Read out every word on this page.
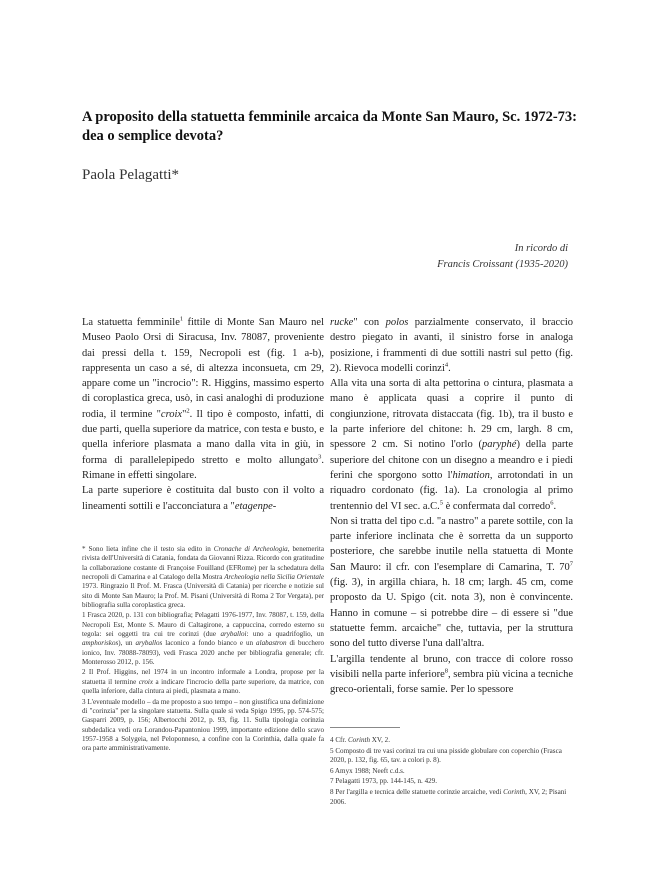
A proposito della statuetta femminile arcaica da Monte San Mauro, Sc. 1972-73: dea o semplice devota?
Paola Pelagatti*
In ricordo di
Francis Croissant (1935-2020)

La statuetta femminile$^1$ fittile di Monte San Mauro nel Museo Paolo Orsi di Siracusa, Inv. 78087, proveniente dai pressi della t. 159, Necropoli est (fig. 1 a-b), rappresenta un caso a sé, di altezza inconsueta, cm 29, appare come un "incrocio": R. Higgins, massimo esperto di coroplastica greca, usò, in casi analoghi di produzione rodia, il termine "croix"$^2$. Il tipo è composto, infatti, di due parti, quella superiore da matrice, con testa e busto, e quella inferiore plasmata a mano dalla vita in giù, in forma di parallelepipedo stretto e molto allungato$^3$. Rimane in effetti singolare.

La parte superiore è costituita dal busto con il volto a lineamenti sottili e l'acconciatura a "etagenpe-

rucke" con polos parzialmente conservato, il braccio destro piegato in avanti, il sinistro forse in analoga posizione, i frammenti di due sottili nastri sul petto (fig. 2). Rievoca modelli corinzi$^4$.

Alla vita una sorta di alta pettorina o cintura, plasmata a mano è applicata quasi a coprire il punto di congiunzione, ritrovata distaccata (fig. 1b), tra il busto e la parte inferiore del chitone: h. 29 cm, largh. 8 cm, spessore 2 cm. Si notino l'orlo (paryphé) della parte superiore del chitone con un disegno a meandro e i piedi ferini che sporgono sotto l'himation, arrotondati in un riquadro cordonato (fig. 1a). La cronologia al primo trentennio del VI sec. a.C.$^5$ è confermata dal corredo$^6$.

Non si tratta del tipo c.d. "a nastro" a parete sottile, con la parte inferiore inclinata che è sorretta da un supporto posteriore, che sarebbe inutile nella statuetta di Monte San Mauro: il cfr. con l'esemplare di Camarina, T. $70^7$ (fig. 3), in argilla chiara, h. 18 cm; largh. 45 cm, come proposto da U. Spigo (cit. nota 3), non è convincente. Hanno in comune – si potrebbe dire – di essere si "due statuette femm. arcaiche" che, tuttavia, per la struttura sono del tutto diverse l'una dall'altra.

L'argilla tendente al bruno, con tracce di colore rosso visibili nella parte inferiore$^8$, sembra più vicina a tecniche greco-orientali, forse samie. Per lo spessore

* Sono lieta infine che il testo sia edito in Cronache di Archeologia, benemerita rivista dell'Università di Catania, fondata da Giovanni Rizza. Ricordo con gratitudine la collaborazione costante di Françoise Fouilland (EFRome) per la schedatura della necropoli di Camarina e al Catalogo della Mostra Archeologia nella Sicilia Orientale 1973. Ringrazio Il Prof. M. Frasca (Università di Catania) per ricerche e notizie sul sito di Monte San Mauro; la Prof. M. Pisani (Università di Roma 2 Tor Vergata), per bibliografia sulla coroplastica greca.

1 Frasca 2020, p. 131 con bibliografia; Pelagatti 1976-1977, Inv. 78087, t. 159, della Necropoli Est, Monte S. Mauro di Caltagirone, a cappuccina, corredo esterno su tegola: sei oggetti tra cui tre corinzi (due aryballoi: uno a quadrifoglio, un amphoriskos), un aryballos laconico a fondo bianco e un alabastron di bucchero ionico, Inv. 78088-78093), vedi Frasca 2020 anche per bibliografia generale; cfr. Monterosso 2012, p. 156.

2 Il Prof. Higgins, nel 1974 in un incontro informale a Londra, propose per la statuetta il termine croix a indicare l'incrocio della parte superiore, da matrice, con quella inferiore, dalla cintura ai piedi, plasmata a mano.

3 L'eventuale modello – da me proposto a suo tempo – non giustifica una definizione di "corinzia" per la singolare statuetta. Sulla quale si veda Spigo 1995, pp. 574-575; Gasparri 2009, p. 156; Albertocchi 2012, p. 93, fig. 11. Sulla tipologia corinzia subdedalica vedi ora Lorandou-Papantoniou 1999, importante edizione dello scavo 1957-1958 a Solygeia, nel Peloponneso, a confine con la Corinthia, dalla quale fa ora parte amministrativamente.

4 Cfr. Corinth XV, 2.

5 Composto di tre vasi corinzi tra cui una pisside globulare con coperchio (Frasca 2020, p. 132, fig. 65, tav. a colori p. 8).

6 Amyx 1988; Neeft c.d.s.

7 Pelagatti 1973, pp. 144-145, n. 429.

8 Per l'argilla e tecnica delle statuette corinzie arcaiche, vedi Corinth, XV, 2; Pisani 2006.
